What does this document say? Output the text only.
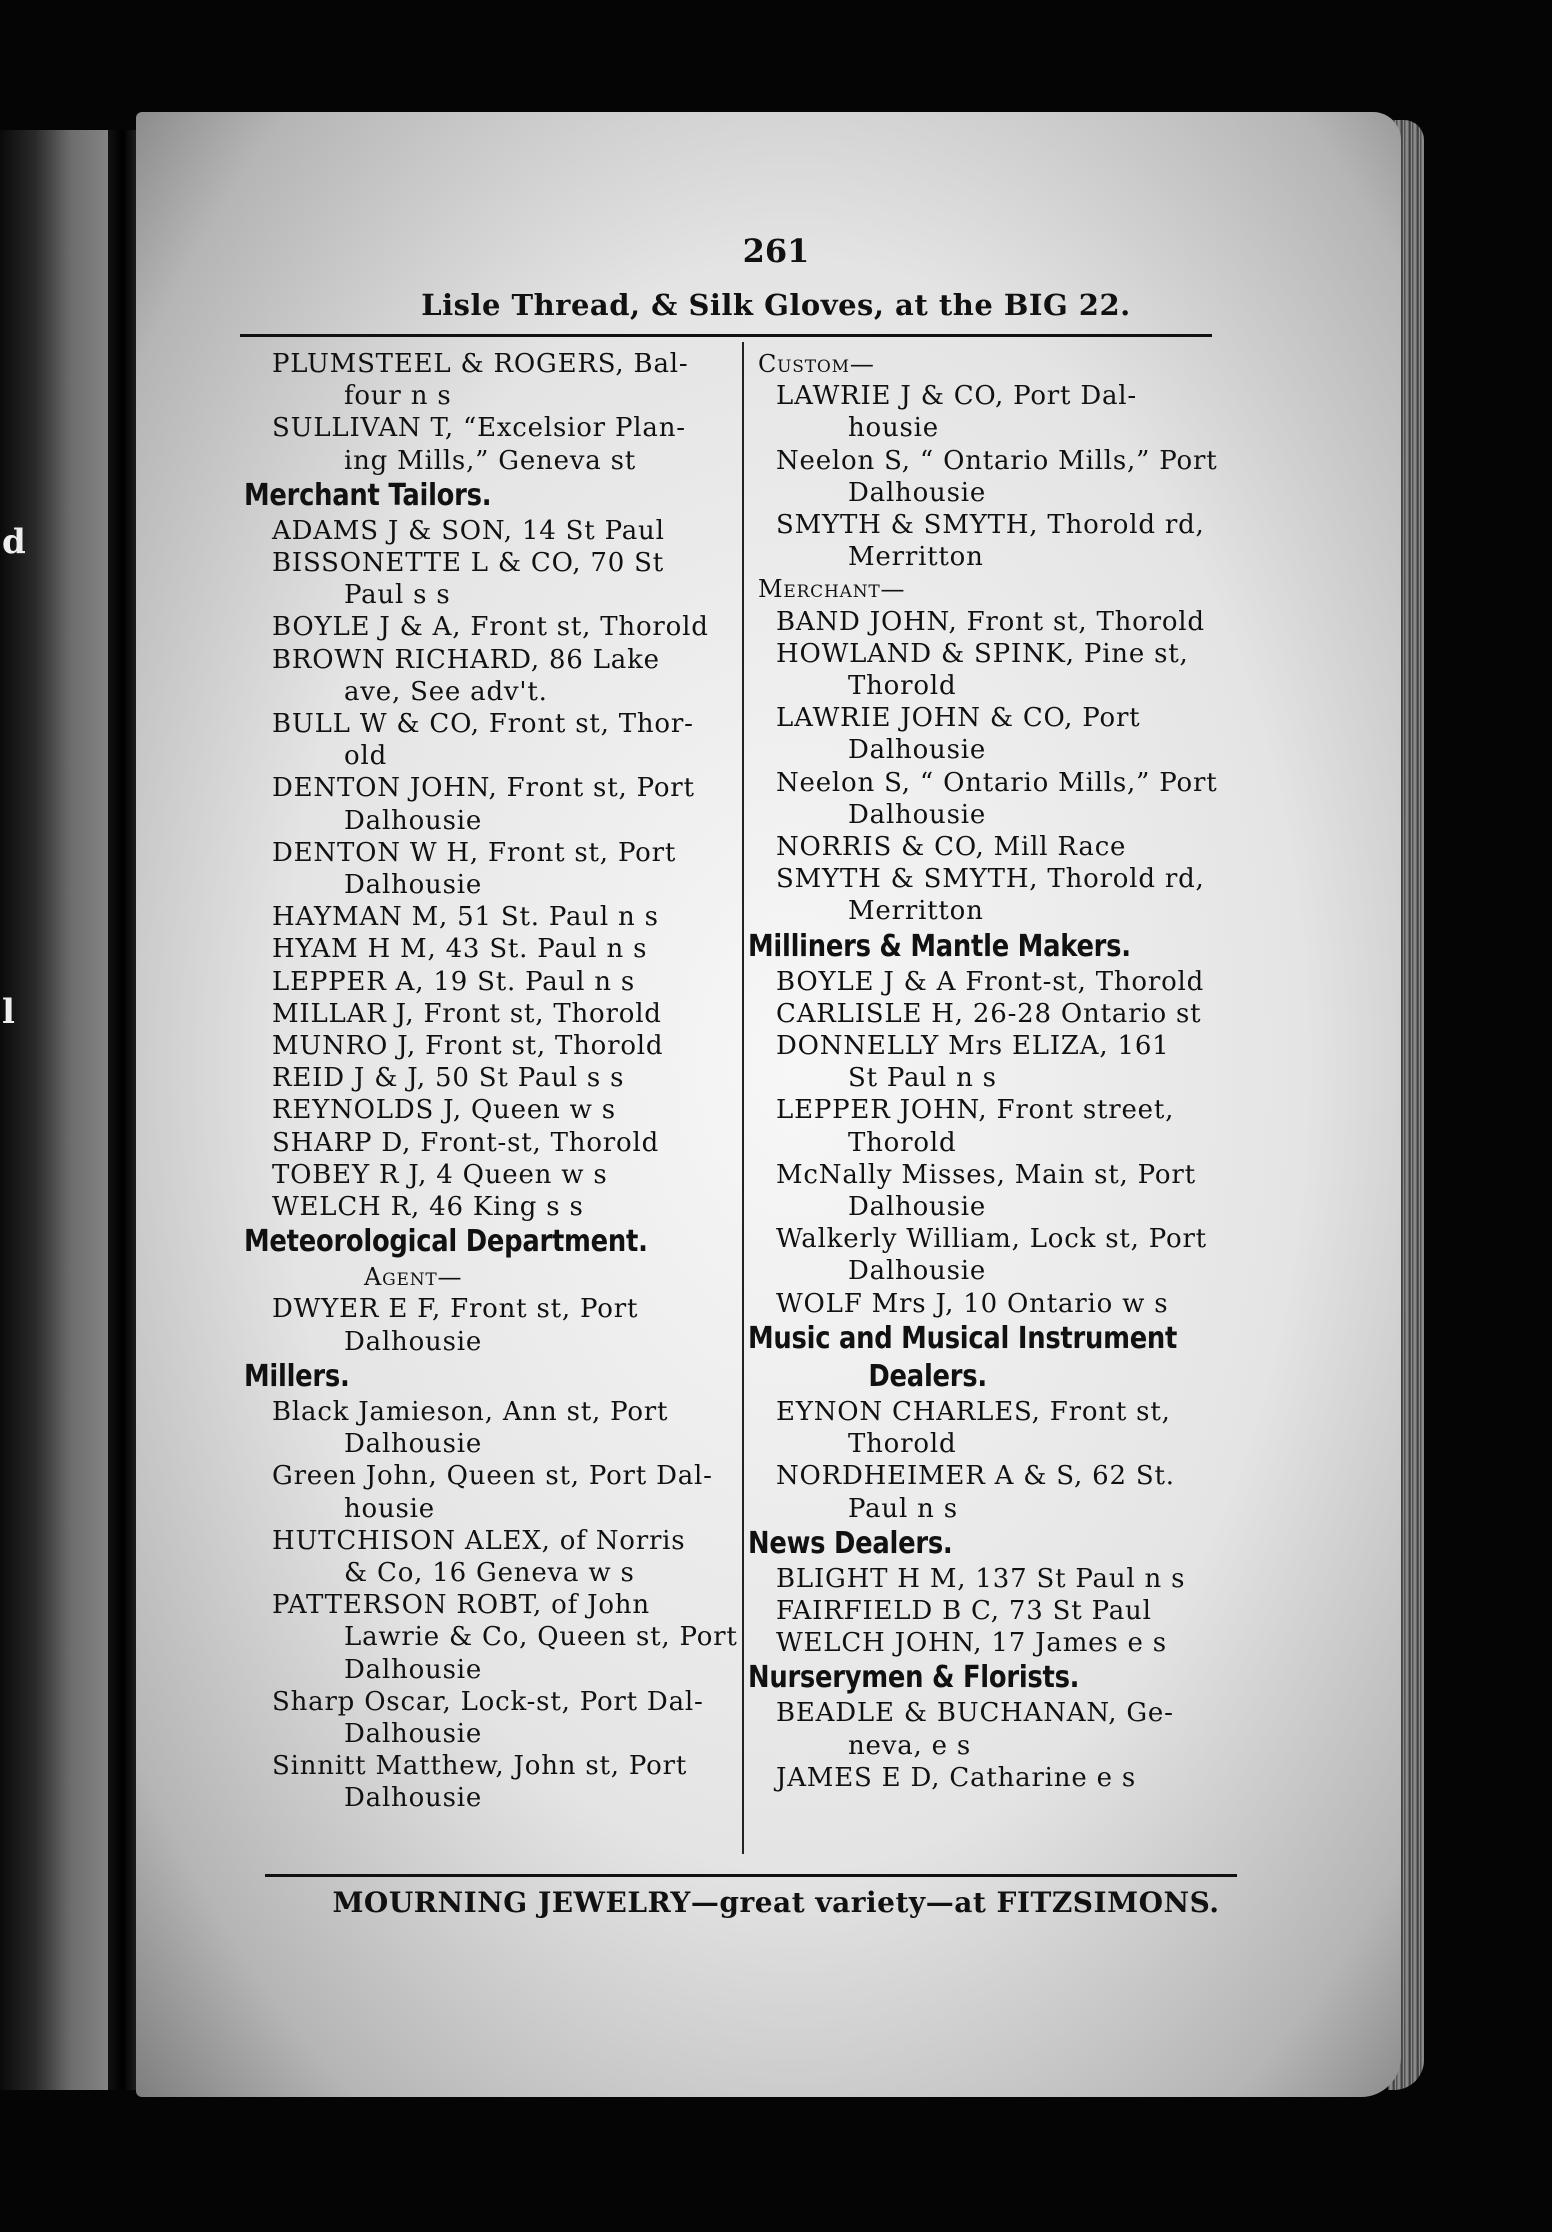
d
l
261
Lisle Thread, & Silk Gloves, at the BIG 22.
PLUMSTEEL & ROGERS, Bal-
four n s
SULLIVAN T, “Excelsior Plan-
ing Mills,” Geneva st
Merchant Tailors.
ADAMS J & SON, 14 St Paul
BISSONETTE L & CO, 70 St
Paul s s
BOYLE J & A, Front st, Thorold
BROWN RICHARD, 86 Lake
ave, See adv't.
BULL W & CO, Front st, Thor-
old
DENTON JOHN, Front st, Port
Dalhousie
DENTON W H, Front st, Port
Dalhousie
HAYMAN M, 51 St. Paul n s
HYAM H M, 43 St. Paul n s
LEPPER A, 19 St. Paul n s
MILLAR J, Front st, Thorold
MUNRO J, Front st, Thorold
REID J & J, 50 St Paul s s
REYNOLDS J, Queen w s
SHARP D, Front-st, Thorold
TOBEY R J, 4 Queen w s
WELCH R, 46 King s s
Meteorological Department.
Agent—
DWYER E F, Front st, Port
Dalhousie
Millers.
Black Jamieson, Ann st, Port
Dalhousie
Green John, Queen st, Port Dal-
housie
HUTCHISON ALEX, of Norris
& Co, 16 Geneva w s
PATTERSON ROBT, of John
Lawrie & Co, Queen st, Port
Dalhousie
Sharp Oscar, Lock-st, Port Dal-
Dalhousie
Sinnitt Matthew, John st, Port
Dalhousie
Custom—
LAWRIE J & CO, Port Dal-
housie
Neelon S, “ Ontario Mills,” Port
Dalhousie
SMYTH & SMYTH, Thorold rd,
Merritton
Merchant—
BAND JOHN, Front st, Thorold
HOWLAND & SPINK, Pine st,
Thorold
LAWRIE JOHN & CO, Port
Dalhousie
Neelon S, “ Ontario Mills,” Port
Dalhousie
NORRIS & CO, Mill Race
SMYTH & SMYTH, Thorold rd,
Merritton
Milliners & Mantle Makers.
BOYLE J & A Front-st, Thorold
CARLISLE H, 26-28 Ontario st
DONNELLY Mrs ELIZA, 161
St Paul n s
LEPPER JOHN, Front street,
Thorold
McNally Misses, Main st, Port
Dalhousie
Walkerly William, Lock st, Port
Dalhousie
WOLF Mrs J, 10 Ontario w s
Music and Musical Instrument
Dealers.
EYNON CHARLES, Front st,
Thorold
NORDHEIMER A & S, 62 St.
Paul n s
News Dealers.
BLIGHT H M, 137 St Paul n s
FAIRFIELD B C, 73 St Paul
WELCH JOHN, 17 James e s
Nurserymen & Florists.
BEADLE & BUCHANAN, Ge-
neva, e s
JAMES E D, Catharine e s
MOURNING JEWELRY—great variety—at FITZSIMONS.
